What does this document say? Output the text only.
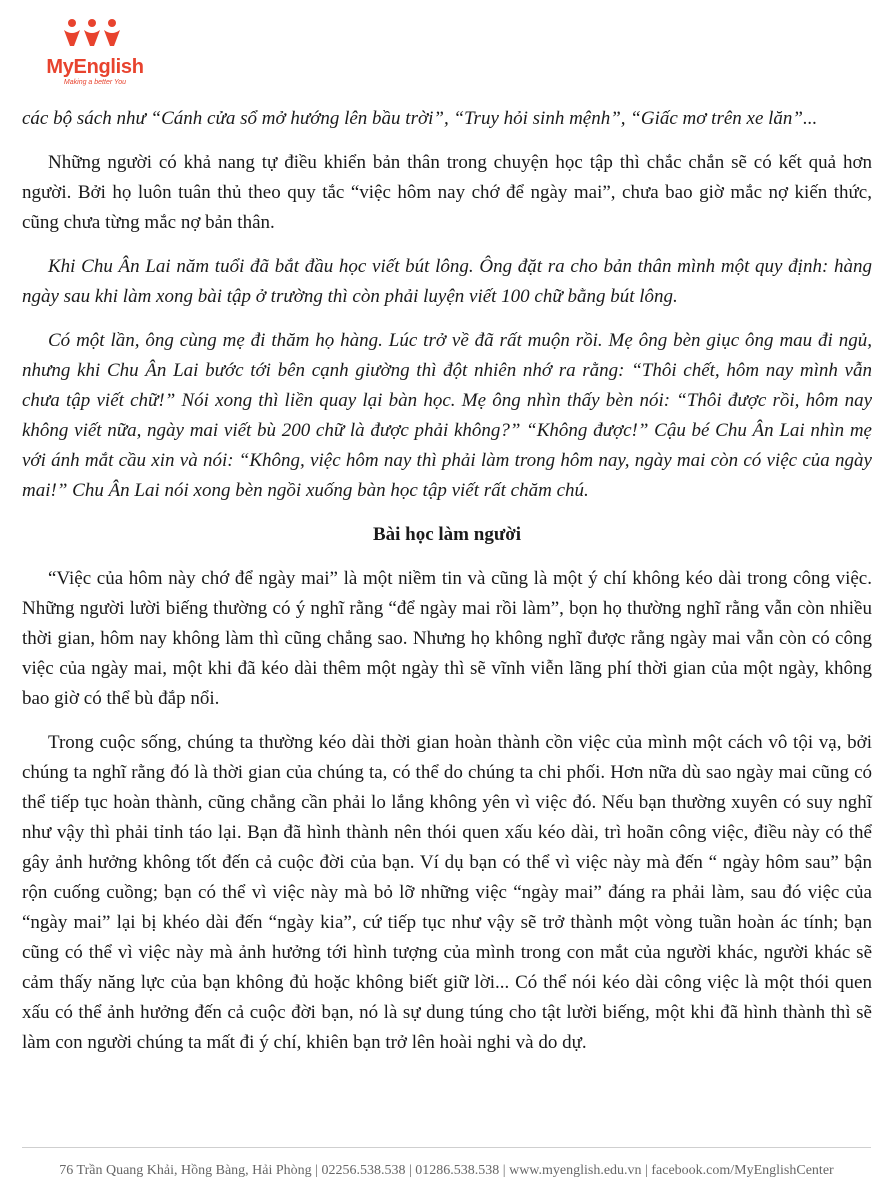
MyEnglish
Making a better You

các bộ sách như “Cánh cửa sổ mở hướng lên bầu trời”, “Truy hỏi sinh mệnh”, “Giấc mơ trên xe lăn”...

Những người có khả nang tự điều khiển bản thân trong chuyện học tập thì chắc chắn sẽ có kết quả hơn người. Bởi họ luôn tuân thủ theo quy tắc “việc hôm nay chớ để ngày mai”, chưa bao giờ mắc nợ kiến thức, cũng chưa từng mắc nợ bản thân.

Khi Chu Ân Lai năm tuổi đã bắt đầu học viết bút lông. Ông đặt ra cho bản thân mình một quy định: hàng ngày sau khi làm xong bài tập ở trường thì còn phải luyện viết 100 chữ bằng bút lông.

Có một lần, ông cùng mẹ đi thăm họ hàng. Lúc trở về đã rất muộn rồi. Mẹ ông bèn giục ông mau đi ngủ, nhưng khi Chu Ân Lai bước tới bên cạnh giường thì đột nhiên nhớ ra rằng: “Thôi chết, hôm nay mình vẫn chưa tập viết chữ!” Nói xong thì liền quay lại bàn học. Mẹ ông nhìn thấy bèn nói: “Thôi được rồi, hôm nay không viết nữa, ngày mai viết bù 200 chữ là được phải không?” “Không được!” Cậu bé Chu Ân Lai nhìn mẹ với ánh mắt cầu xin và nói: “Không, việc hôm nay thì phải làm trong hôm nay, ngày mai còn có việc của ngày mai!” Chu Ân Lai nói xong bèn ngồi xuống bàn học tập viết rất chăm chú.

Bài học làm người

“Việc của hôm này chớ để ngày mai” là một niềm tin và cũng là một ý chí không kéo dài trong công việc. Những người lười biếng thường có ý nghĩ rằng “để ngày mai rồi làm”, bọn họ thường nghĩ rằng vẫn còn nhiều thời gian, hôm nay không làm thì cũng chẳng sao. Nhưng họ không nghĩ được rằng ngày mai vẫn còn có công việc của ngày mai, một khi đã kéo dài thêm một ngày thì sẽ vĩnh viễn lãng phí thời gian của một ngày, không bao giờ có thể bù đắp nổi.

Trong cuộc sống, chúng ta thường kéo dài thời gian hoàn thành cồn việc của mình một cách vô tội vạ, bởi chúng ta nghĩ rằng đó là thời gian của chúng ta, có thể do chúng ta chi phối. Hơn nữa dù sao ngày mai cũng có thể tiếp tục hoàn thành, cũng chẳng cần phải lo lắng không yên vì việc đó. Nếu bạn thường xuyên có suy nghĩ như vậy thì phải tỉnh táo lại. Bạn đã hình thành nên thói quen xấu kéo dài, trì hoãn công việc, điều này có thể gây ảnh hưởng không tốt đến cả cuộc đời của bạn. Ví dụ bạn có thể vì việc này mà đến “ ngày hôm sau” bận rộn cuống cuồng; bạn có thể vì việc này mà bỏ lỡ những việc “ngày mai” đáng ra phải làm, sau đó việc của “ngày mai” lại bị khéo dài đến “ngày kia”, cứ tiếp tục như vậy sẽ trở thành một vòng tuần hoàn ác tính; bạn cũng có thể vì việc này mà ảnh hưởng tới hình tượng của mình trong con mắt của người khác, người khác sẽ cảm thấy năng lực của bạn không đủ hoặc không biết giữ lời... Có thể nói kéo dài công việc là một thói quen xấu có thể ảnh hưởng đến cả cuộc đời bạn, nó là sự dung túng cho tật lười biếng, một khi đã hình thành thì sẽ làm con người chúng ta mất đi ý chí, khiên bạn trở lên hoài nghi và do dự.

76 Trần Quang Khải, Hồng Bàng, Hải Phòng | 02256.538.538 | 01286.538.538 | www.myenglish.edu.vn | facebook.com/MyEnglishCenter
